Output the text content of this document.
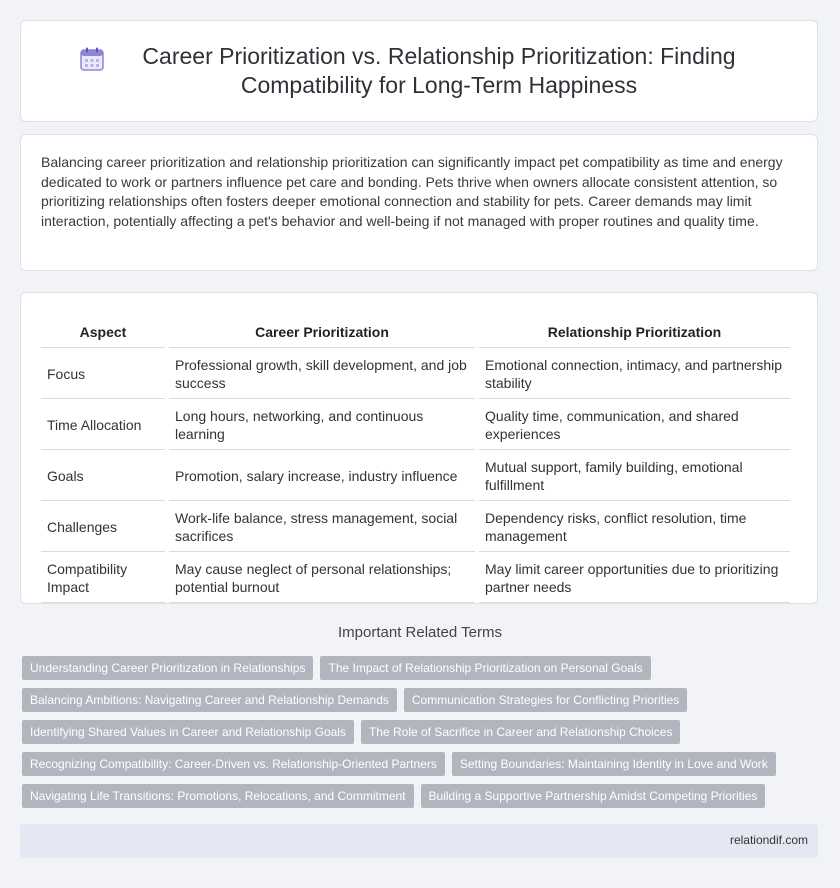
Career Prioritization vs. Relationship Prioritization: Finding Compatibility for Long-Term Happiness

Balancing career prioritization and relationship prioritization can significantly impact pet compatibility as time and energy dedicated to work or partners influence pet care and bonding. Pets thrive when owners allocate consistent attention, so prioritizing relationships often fosters deeper emotional connection and stability for pets. Career demands may limit interaction, potentially affecting a pet's behavior and well-being if not managed with proper routines and quality time.

Aspect	Career Prioritization	Relationship Prioritization
Focus	Professional growth, skill development, and job success	Emotional connection, intimacy, and partnership stability
Time Allocation	Long hours, networking, and continuous learning	Quality time, communication, and shared experiences
Goals	Promotion, salary increase, industry influence	Mutual support, family building, emotional fulfillment
Challenges	Work-life balance, stress management, social sacrifices	Dependency risks, conflict resolution, time management
Compatibility Impact	May cause neglect of personal relationships; potential burnout	May limit career opportunities due to prioritizing partner needs
Important Related Terms
Understanding Career Prioritization in Relationships	The Impact of Relationship Prioritization on Personal Goals
Balancing Ambitions: Navigating Career and Relationship Demands	Communication Strategies for Conflicting Priorities
Identifying Shared Values in Career and Relationship Goals	The Role of Sacrifice in Career and Relationship Choices
Recognizing Compatibility: Career-Driven vs. Relationship-Oriented Partners	Setting Boundaries: Maintaining Identity in Love and Work
Navigating Life Transitions: Promotions, Relocations, and Commitment	Building a Supportive Partnership Amidst Competing Priorities
relationdif.com
